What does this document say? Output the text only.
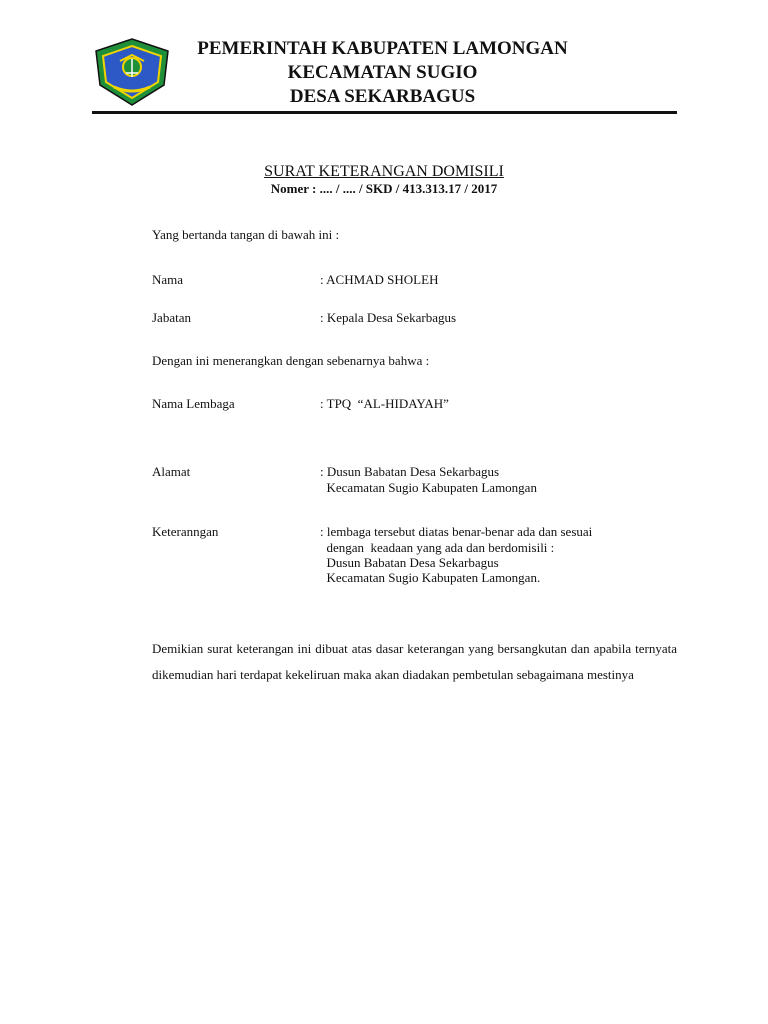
PEMERINTAH KABUPATEN LAMONGAN
KECAMATAN SUGIO
DESA SEKARBAGUS
SURAT KETERANGAN DOMISILI
Nomer : .... / .... / SKD / 413.313.17 / 2017
Yang bertanda tangan di bawah ini :
Nama	: ACHMAD SHOLEH
Jabatan	: Kepala Desa Sekarbagus
Dengan ini menerangkan dengan sebenarnya bahwa :
Nama Lembaga	: TPQ  “AL-HIDAYAH”
Alamat	: Dusun Babatan Desa Sekarbagus
Kecamatan Sugio Kabupaten Lamongan
Keteranngan	: lembaga tersebut diatas benar-benar ada dan sesuai
dengan  keadaan yang ada dan berdomisili :
Dusun Babatan Desa Sekarbagus
Kecamatan Sugio Kabupaten Lamongan.
Demikian surat keterangan ini dibuat atas dasar keterangan yang bersangkutan dan apabila ternyata dikemudian hari terdapat kekeliruan maka akan diadakan pembetulan sebagaimana mestinya
